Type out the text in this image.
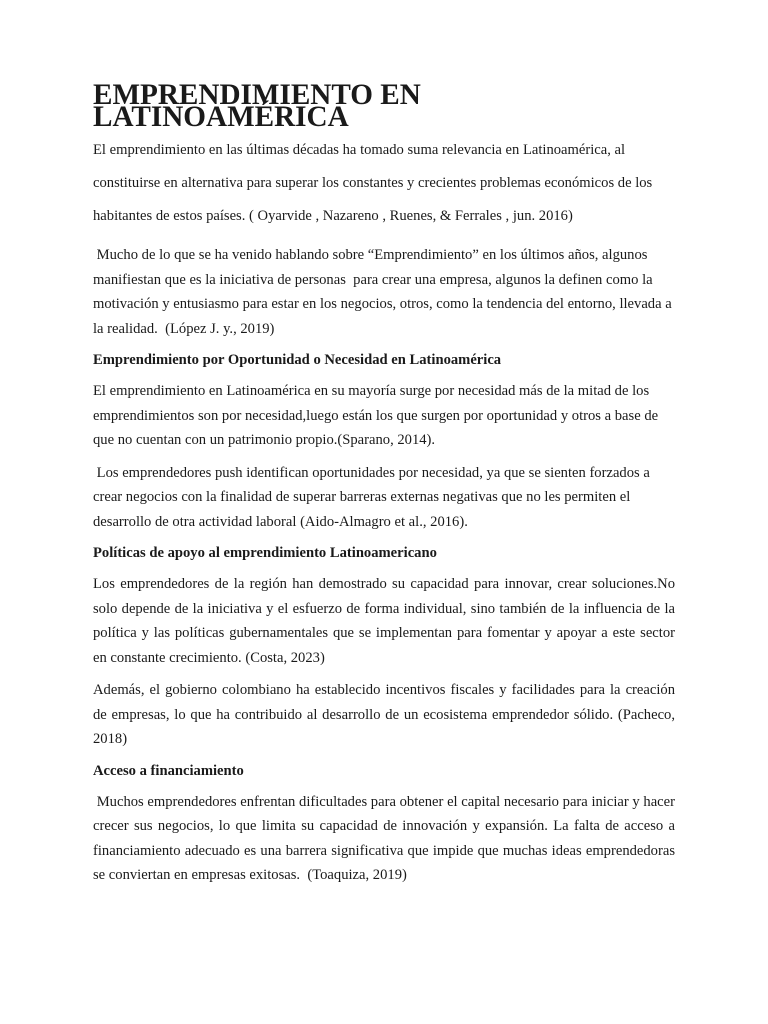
EMPRENDIMIENTO EN LATINOAMÉRICA

El emprendimiento en las últimas décadas ha tomado suma relevancia en Latinoamérica, al constituirse en alternativa para superar los constantes y crecientes problemas económicos de los habitantes de estos países. ( Oyarvide , Nazareno , Ruenes, & Ferrales , jun. 2016)

Mucho de lo que se ha venido hablando sobre “Emprendimiento” en los últimos años, algunos manifiestan que es la iniciativa de personas  para crear una empresa, algunos la definen como la motivación y entusiasmo para estar en los negocios, otros, como la tendencia del entorno, llevada a la realidad.  (López J. y., 2019)

Emprendimiento por Oportunidad o Necesidad en Latinoamérica

El emprendimiento en Latinoamérica en su mayoría surge por necesidad más de la mitad de los emprendimientos son por necesidad,luego están los que surgen por oportunidad y otros a base de que no cuentan con un patrimonio propio.(Sparano, 2014).

Los emprendedores push identifican oportunidades por necesidad, ya que se sienten forzados a crear negocios con la finalidad de superar barreras externas negativas que no les permiten el desarrollo de otra actividad laboral (Aido-Almagro et al., 2016).

Políticas de apoyo al emprendimiento Latinoamericano

Los emprendedores de la región han demostrado su capacidad para innovar, crear soluciones.No solo depende de la iniciativa y el esfuerzo de forma individual, sino también de la influencia de la política y las políticas gubernamentales que se implementan para fomentar y apoyar a este sector en constante crecimiento. (Costa, 2023)

Además, el gobierno colombiano ha establecido incentivos fiscales y facilidades para la creación de empresas, lo que ha contribuido al desarrollo de un ecosistema emprendedor sólido. (Pacheco, 2018)

Acceso a financiamiento

Muchos emprendedores enfrentan dificultades para obtener el capital necesario para iniciar y hacer crecer sus negocios, lo que limita su capacidad de innovación y expansión. La falta de acceso a financiamiento adecuado es una barrera significativa que impide que muchas ideas emprendedoras se conviertan en empresas exitosas.  (Toaquiza, 2019)
